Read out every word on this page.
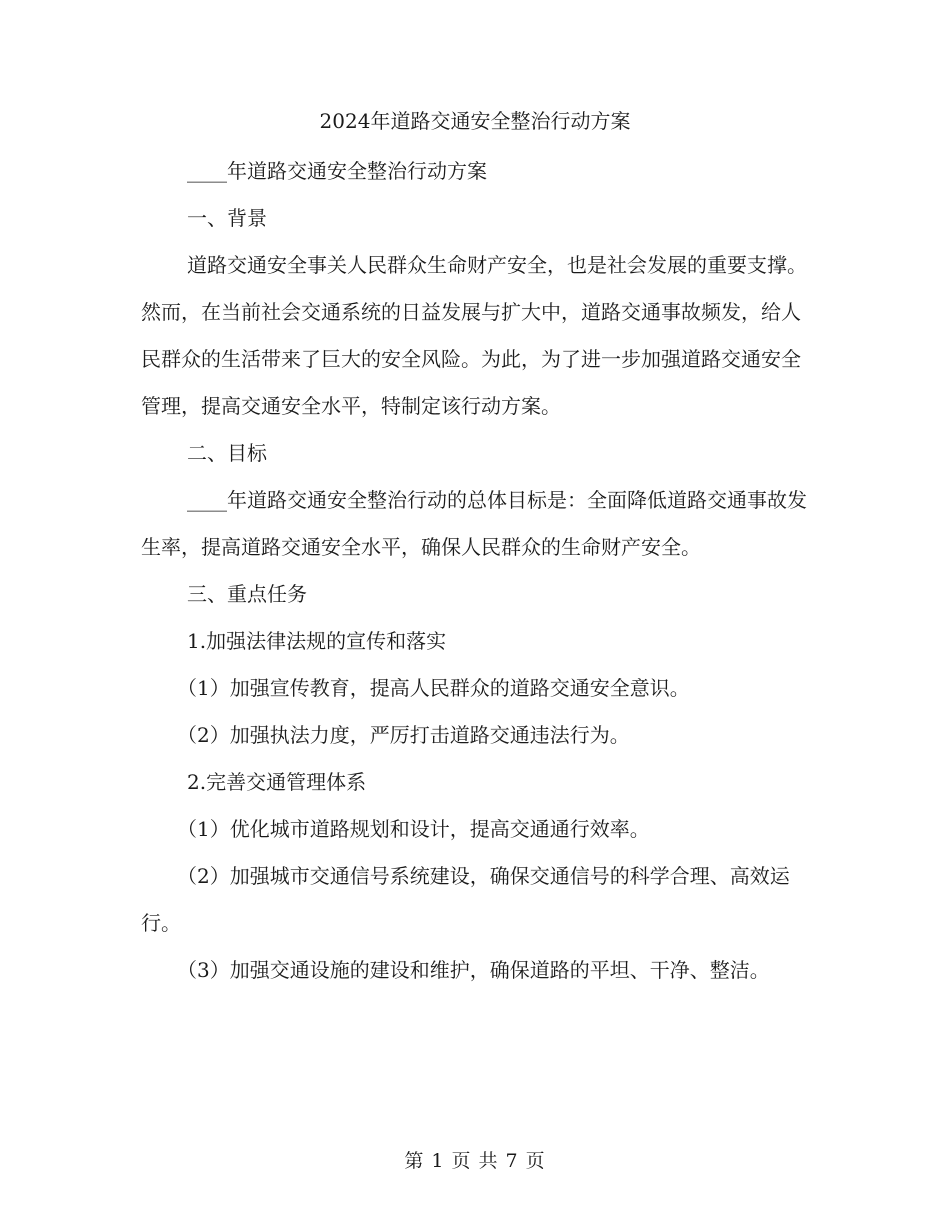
2024年道路交通安全整治行动方案

____年道路交通安全整治行动方案

一、背景

道路交通安全事关人民群众生命财产安全，也是社会发展的重要支撑。然而，在当前社会交通系统的日益发展与扩大中，道路交通事故频发，给人民群众的生活带来了巨大的安全风险。为此，为了进一步加强道路交通安全管理，提高交通安全水平，特制定该行动方案。

二、目标

____年道路交通安全整治行动的总体目标是：全面降低道路交通事故发生率，提高道路交通安全水平，确保人民群众的生命财产安全。

三、重点任务

1.加强法律法规的宣传和落实

（1）加强宣传教育，提高人民群众的道路交通安全意识。

（2）加强执法力度，严厉打击道路交通违法行为。

2.完善交通管理体系

（1）优化城市道路规划和设计，提高交通通行效率。

（2）加强城市交通信号系统建设，确保交通信号的科学合理、高效运行。

（3）加强交通设施的建设和维护，确保道路的平坦、干净、整洁。

第 1 页 共 7 页
